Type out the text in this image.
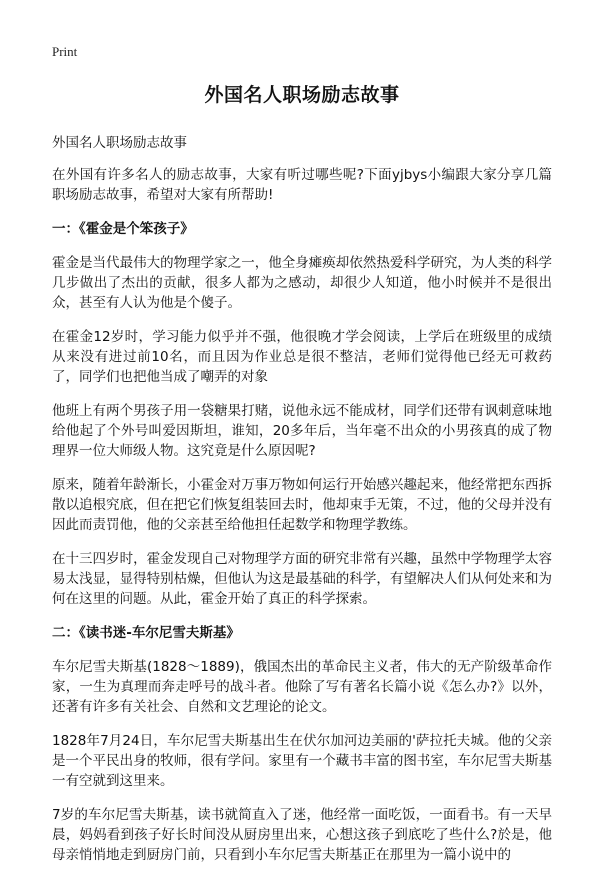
Print
外国名人职场励志故事
外国名人职场励志故事

在外国有许多名人的励志故事，大家有听过哪些呢?下面yjbys小编跟大家分享几篇职场励志故事，希望对大家有所帮助!

一：《霍金是个笨孩子》

霍金是当代最伟大的物理学家之一，他全身瘫痪却依然热爱科学研究，为人类的科学几步做出了杰出的贡献，很多人都为之感动，却很少人知道，他小时候并不是很出众，甚至有人认为他是个傻子。

在霍金12岁时，学习能力似乎并不强，他很晚才学会阅读，上学后在班级里的成绩从来没有进过前10名，而且因为作业总是很不整洁，老师们觉得他已经无可救药了，同学们也把他当成了嘲弄的对象

他班上有两个男孩子用一袋糖果打赌，说他永远不能成材，同学们还带有讽刺意味地给他起了个外号叫爱因斯坦，谁知，20多年后，当年毫不出众的小男孩真的成了物理界一位大师级人物。这究竟是什么原因呢?

原来，随着年龄渐长，小霍金对万事万物如何运行开始感兴趣起来，他经常把东西拆散以追根究底，但在把它们恢复组装回去时，他却束手无策，不过，他的父母并没有因此而责罚他，他的父亲甚至给他担任起数学和物理学教练。

在十三四岁时，霍金发现自己对物理学方面的研究非常有兴趣，虽然中学物理学太容易太浅显，显得特别枯燥，但他认为这是最基础的科学，有望解决人们从何处来和为何在这里的问题。从此，霍金开始了真正的科学探索。

二：《读书迷-车尔尼雪夫斯基》

车尔尼雪夫斯基(1828～1889)，俄国杰出的革命民主义者，伟大的无产阶级革命作家，一生为真理而奔走呼号的战斗者。他除了写有著名长篇小说《怎么办?》以外，还著有许多有关社会、自然和文艺理论的论文。

1828年7月24日，车尔尼雪夫斯基出生在伏尔加河边美丽的'萨拉托夫城。他的父亲是一个平民出身的牧师，很有学问。家里有一个藏书丰富的图书室，车尔尼雪夫斯基一有空就到这里来。

7岁的车尔尼雪夫斯基，读书就简直入了迷，他经常一面吃饭，一面看书。有一天早晨，妈妈看到孩子好长时间没从厨房里出来，心想这孩子到底吃了些什么?於是，他母亲悄悄地走到厨房门前，只看到小车尔尼雪夫斯基正在那里为一篇小说中的
